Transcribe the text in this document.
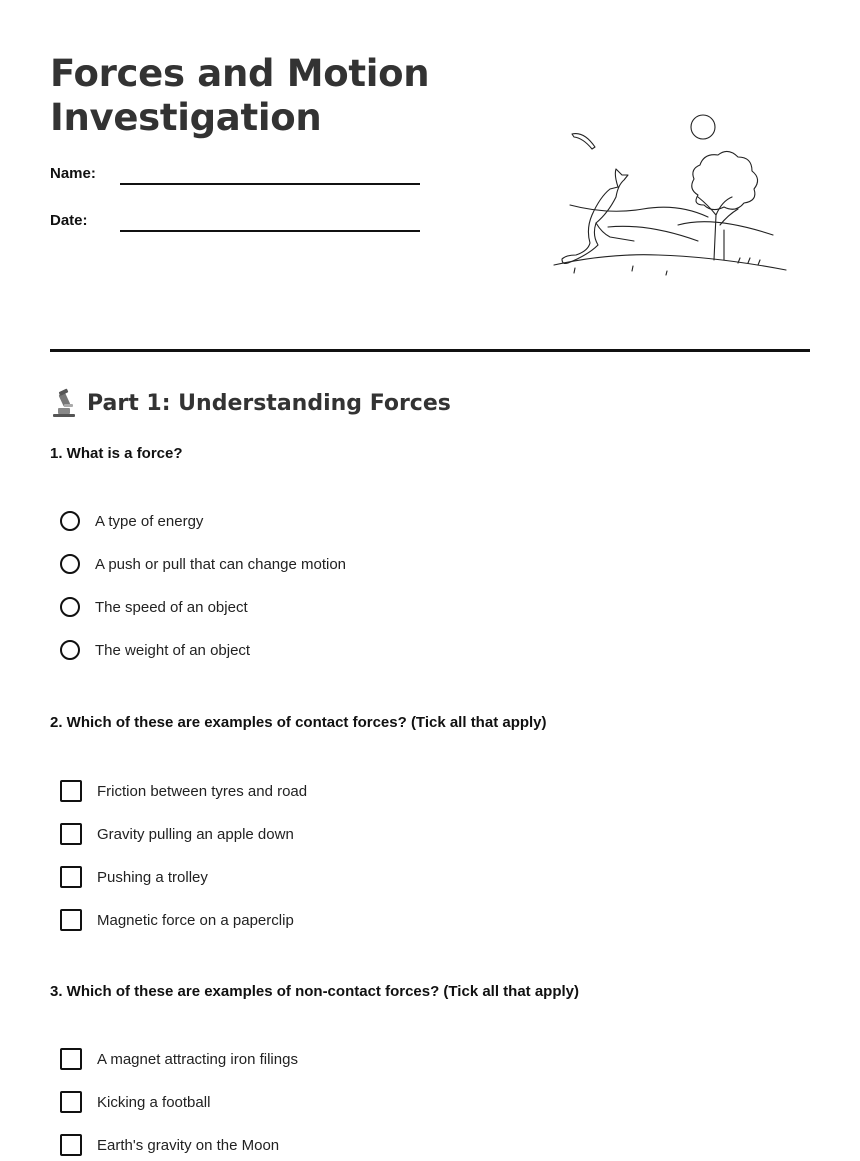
Forces and Motion
Investigation
Name:
Date:
Part 1: Understanding Forces
1. What is a force?
A type of energy
A push or pull that can change motion
The speed of an object
The weight of an object
2. Which of these are examples of contact forces? (Tick all that apply)
Friction between tyres and road
Gravity pulling an apple down
Pushing a trolley
Magnetic force on a paperclip
3. Which of these are examples of non-contact forces? (Tick all that apply)
A magnet attracting iron filings
Kicking a football
Earth's gravity on the Moon
